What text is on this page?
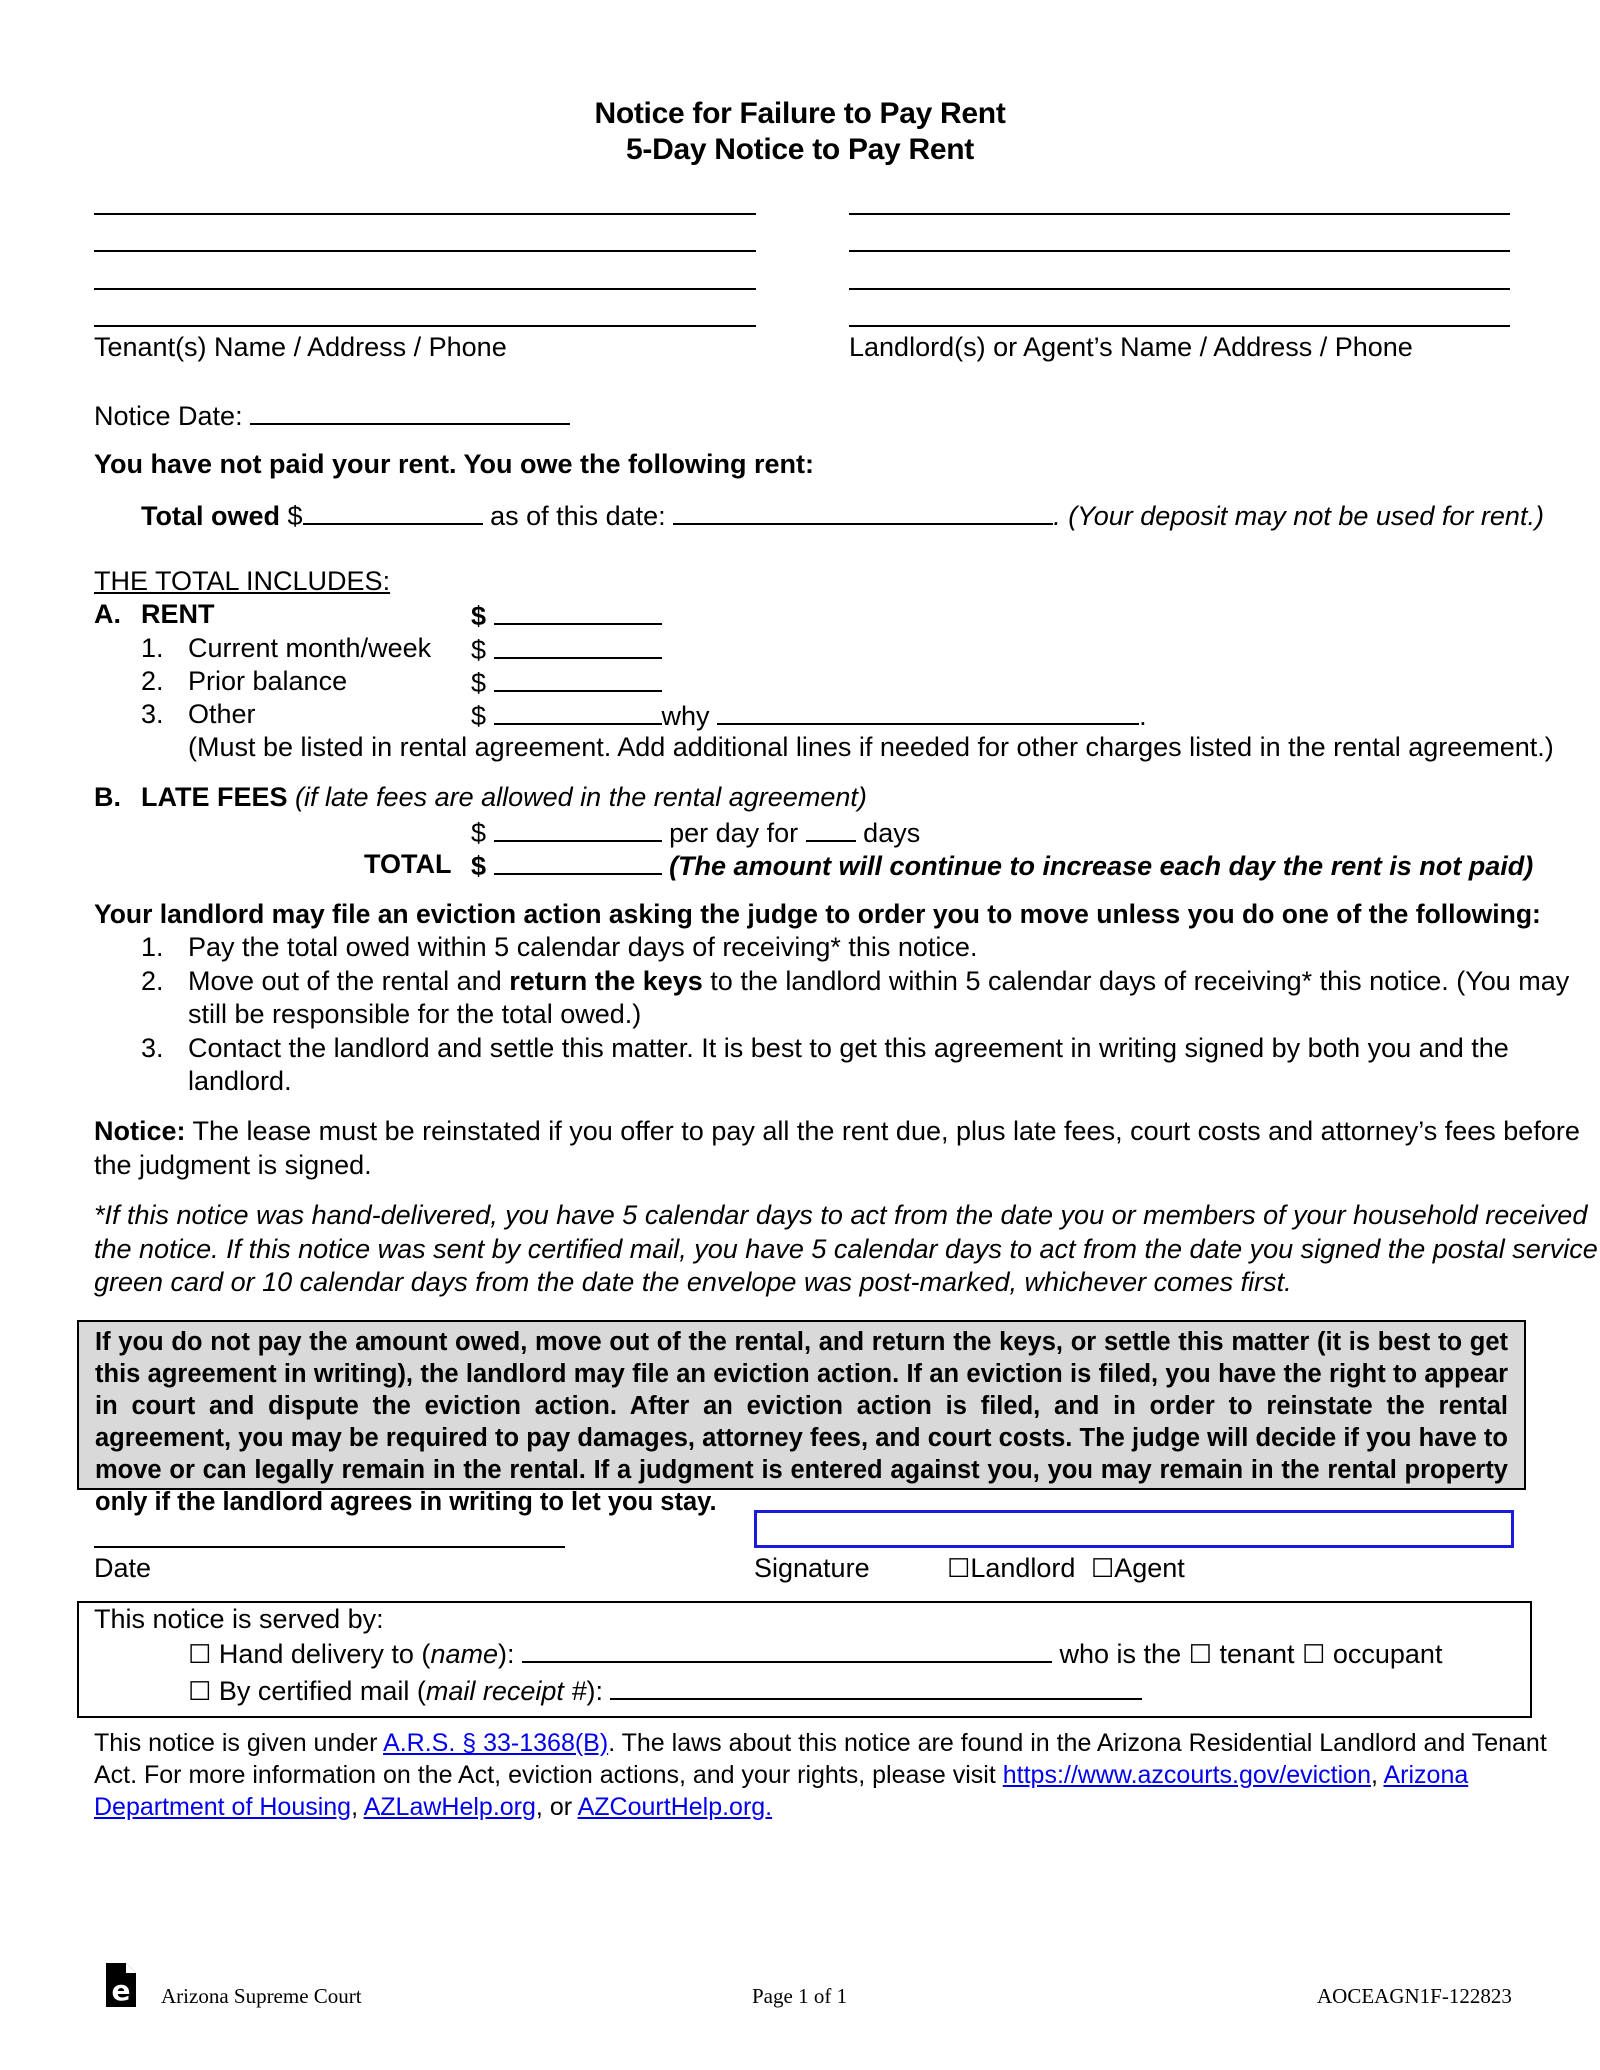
Notice for Failure to Pay Rent
5-Day Notice to Pay Rent
Tenant(s) Name / Address / Phone	Landlord(s) or Agent’s Name / Address / Phone
Notice Date:
You have not paid your rent. You owe the following rent:
Total owed $	as of this date:	. (Your deposit may not be used for rent.)
THE TOTAL INCLUDES:
A. RENT	$
1. Current month/week $
2. Prior balance	$
3. Other	$	why	.
(Must be listed in rental agreement. Add additional lines if needed for other charges listed in the rental agreement.)
B. LATE FEES (if late fees are allowed in the rental agreement)
$	per day for days
TOTAL $	(The amount will continue to increase each day the rent is not paid)
Your landlord may file an eviction action asking the judge to order you to move unless you do one of the following:
1. Pay the total owed within 5 calendar days of receiving* this notice.
2. Move out of the rental and return the keys to the landlord within 5 calendar days of receiving* this notice. (You may
still be responsible for the total owed.)
3. Contact the landlord and settle this matter. It is best to get this agreement in writing signed by both you and the
landlord.
Notice: The lease must be reinstated if you offer to pay all the rent due, plus late fees, court costs and attorney’s fees before
the judgment is signed.
*If this notice was hand-delivered, you have 5 calendar days to act from the date you or members of your household received
the notice. If this notice was sent by certified mail, you have 5 calendar days to act from the date you signed the postal service
green card or 10 calendar days from the date the envelope was post-marked, whichever comes first.
If you do not pay the amount owed, move out of the rental, and return the keys, or settle this matter (it is best to get this agreement in writing), the landlord may file an eviction action. If an eviction is filed, you have the right to appear in court and dispute the eviction action. After an eviction action is filed, and in order to reinstate the rental agreement, you may be required to pay damages, attorney fees, and court costs. The judge will decide if you have to move or can legally remain in the rental. If a judgment is entered against you, you may remain in the rental property only if the landlord agrees in writing to let you stay.
Date	Signature	☐Landlord ☐Agent
This notice is served by:
☐ Hand delivery to (name):	who is the ☐ tenant ☐ occupant
☐ By certified mail (mail receipt #):
This notice is given under A.R.S. § 33-1368(B). The laws about this notice are found in the Arizona Residential Landlord and Tenant
Act. For more information on the Act, eviction actions, and your rights, please visit https://www.azcourts.gov/eviction, Arizona
Department of Housing, AZLawHelp.org, or AZCourtHelp.org.
e Arizona Supreme Court	Page 1 of 1	AOCEAGN1F-122823
